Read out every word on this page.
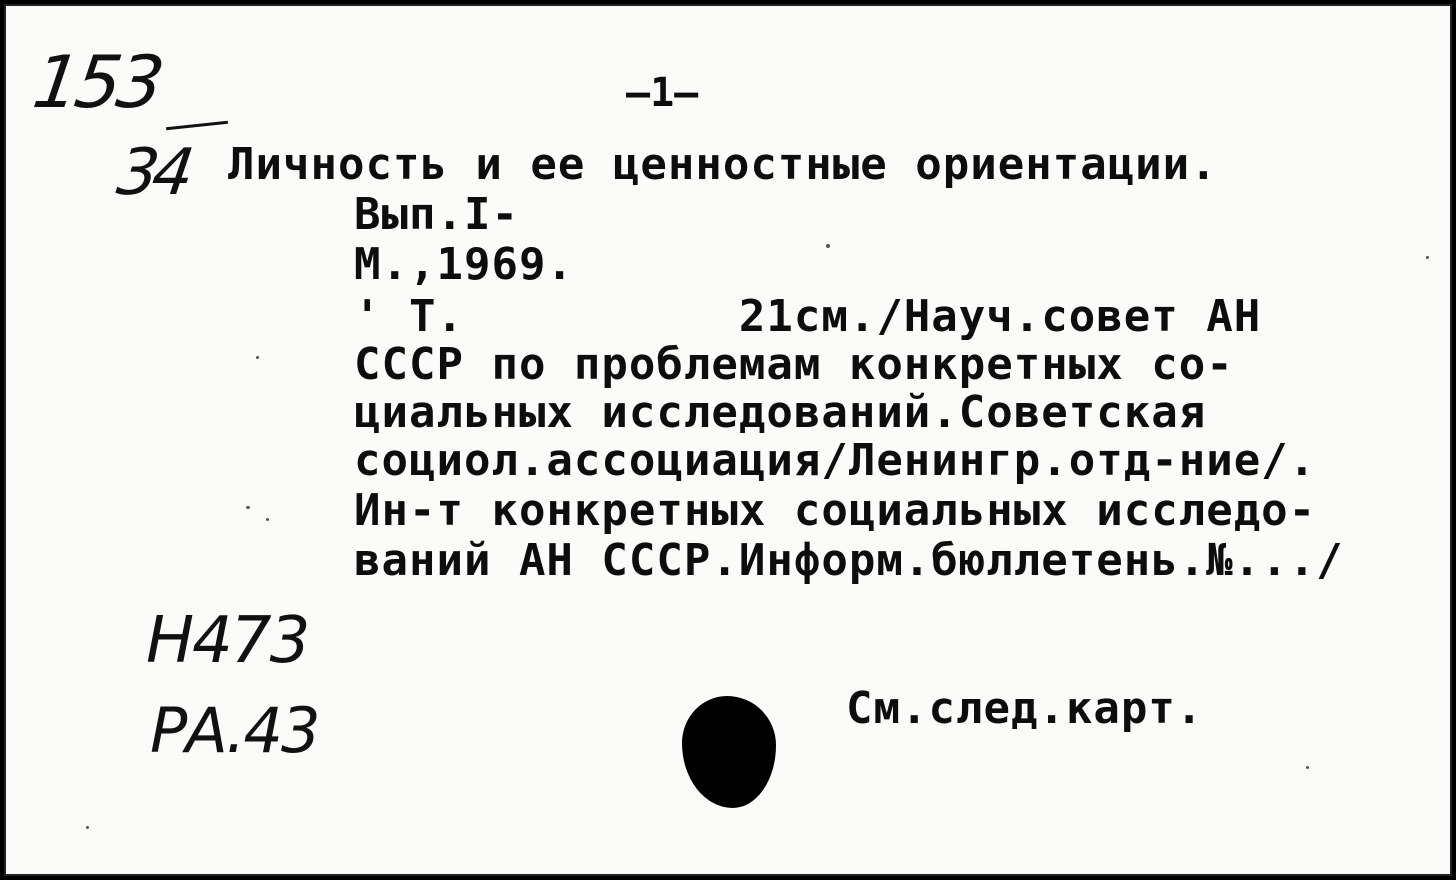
—1—
153
34 Личность и ее ценностные ориентации.
Вып.I-
М.,1969.
' Т.          21см./Науч.совет АН
СССР по проблемам конкретных со-
циальных исследований.Советская
социол.ассоциация/Ленингр.отд-ние/.
Ин-т конкретных социальных исследо-
ваний АН СССР.Информ.бюллетень.№.../
Н473
РА.43	См.след.карт.
